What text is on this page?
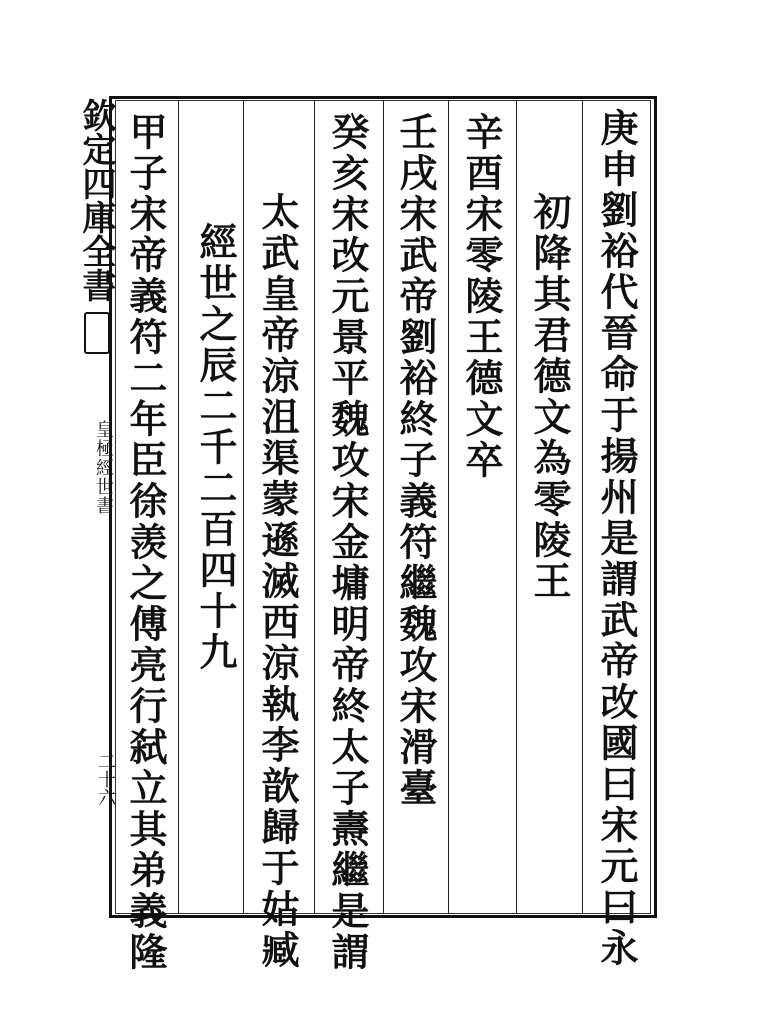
欽定四庫全書
皇極經世書
二十六	庚申劉裕代晉命于揚州是謂武帝改國曰宋元曰永
初降其君德文為零陵王
辛酉宋零陵王德文卒
壬戌宋武帝劉裕終子義符繼魏攻宋滑臺
癸亥宋改元景平魏攻宋金墉明帝終太子燾繼是謂
太武皇帝涼沮渠蒙遜滅西涼執李歆歸于姑臧
經世之辰二千二百四十九
甲子宋帝義符二年臣徐羡之傅亮行弑立其弟義隆
